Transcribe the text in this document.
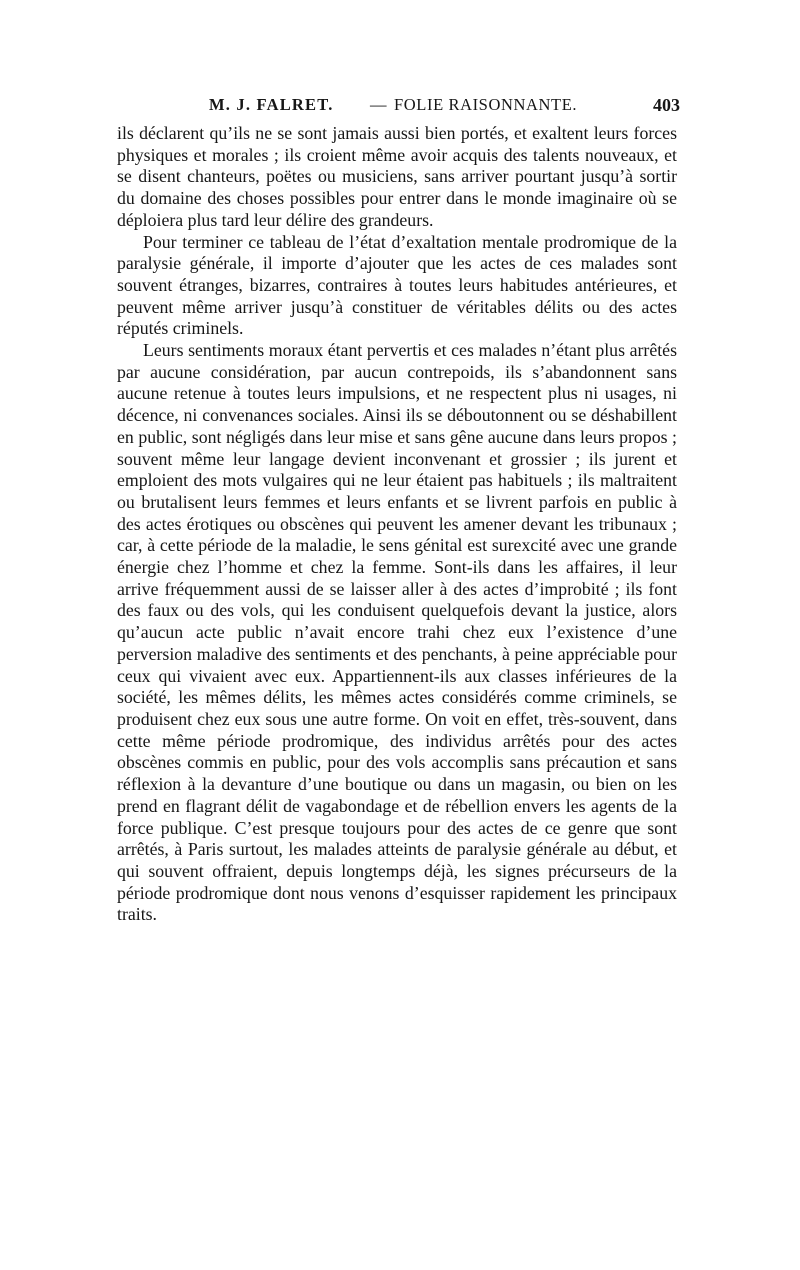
M. J. FALRET. — FOLIE RAISONNANTE.	403

ils déclarent qu’ils ne se sont jamais aussi bien portés, et exaltent leurs forces physiques et morales ; ils croient même avoir acquis des talents nouveaux, et se disent chanteurs, poëtes ou musiciens, sans arriver pourtant jusqu’à sortir du domaine des choses possibles pour entrer dans le monde imaginaire où se déploiera plus tard leur délire des grandeurs.

Pour terminer ce tableau de l’état d’exaltation mentale prodromique de la paralysie générale, il importe d’ajouter que les actes de ces malades sont souvent étranges, bizarres, contraires à toutes leurs habitudes antérieures, et peuvent même arriver jusqu’à constituer de véritables délits ou des actes réputés criminels.

Leurs sentiments moraux étant pervertis et ces malades n’étant plus arrêtés par aucune considération, par aucun contrepoids, ils s’abandonnent sans aucune retenue à toutes leurs impulsions, et ne respectent plus ni usages, ni décence, ni convenances sociales. Ainsi ils se déboutonnent ou se déshabillent en public, sont négligés dans leur mise et sans gêne aucune dans leurs propos ; souvent même leur langage devient inconvenant et grossier ; ils jurent et emploient des mots vulgaires qui ne leur étaient pas habituels ; ils maltraitent ou brutalisent leurs femmes et leurs enfants et se livrent parfois en public à des actes érotiques ou obscènes qui peuvent les amener devant les tribunaux ; car, à cette période de la maladie, le sens génital est surexcité avec une grande énergie chez l’homme et chez la femme. Sont-ils dans les affaires, il leur arrive fréquemment aussi de se laisser aller à des actes d’improbité ; ils font des faux ou des vols, qui les conduisent quelquefois devant la justice, alors qu’aucun acte public n’avait encore trahi chez eux l’existence d’une perversion maladive des sentiments et des penchants, à peine appréciable pour ceux qui vivaient avec eux. Appartiennent-ils aux classes inférieures de la société, les mêmes délits, les mêmes actes considérés comme criminels, se produisent chez eux sous une autre forme. On voit en effet, très-souvent, dans cette même période prodromique, des individus arrêtés pour des actes obscènes commis en public, pour des vols accomplis sans précaution et sans réflexion à la devanture d’une boutique ou dans un magasin, ou bien on les prend en flagrant délit de vagabondage et de rébellion envers les agents de la force publique. C’est presque toujours pour des actes de ce genre que sont arrêtés, à Paris surtout, les malades atteints de paralysie générale au début, et qui souvent offraient, depuis longtemps déjà, les signes précurseurs de la période prodromique dont nous venons d’esquisser rapidement les principaux traits.
